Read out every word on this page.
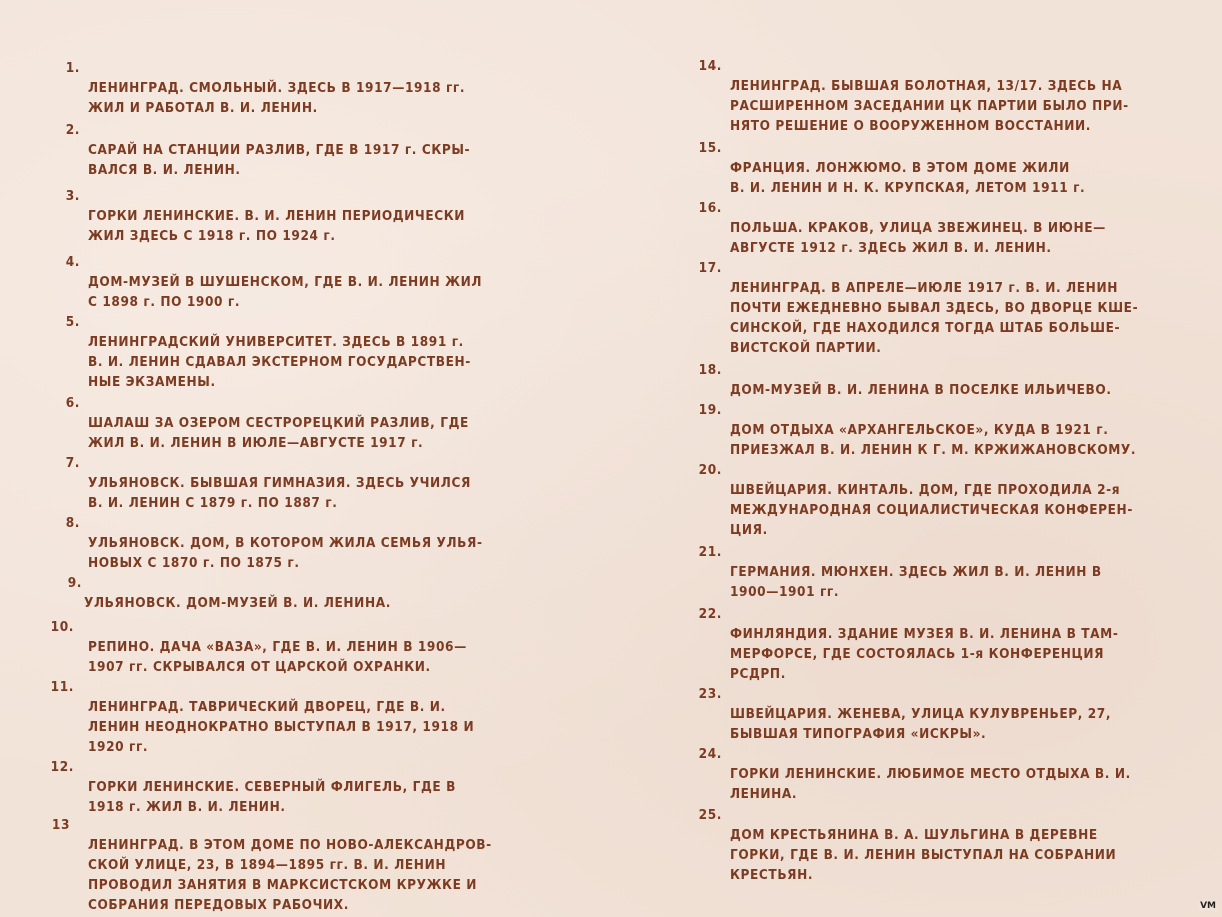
1.

ЛЕНИНГРАД. СМОЛЬНЫЙ. ЗДЕСЬ В 1917—1918 гг.
ЖИЛ И РАБОТАЛ В. И. ЛЕНИН.

2.

САРАЙ НА СТАНЦИИ РАЗЛИВ, ГДЕ В 1917 г. СКРЫ-
ВАЛСЯ В. И. ЛЕНИН.

3.

ГОРКИ ЛЕНИНСКИЕ. В. И. ЛЕНИН ПЕРИОДИЧЕСКИ
ЖИЛ ЗДЕСЬ С 1918 г. ПО 1924 г.

4.

ДОМ-МУЗЕЙ В ШУШЕНСКОМ, ГДЕ В. И. ЛЕНИН ЖИЛ
С 1898 г. ПО 1900 г.

5.

ЛЕНИНГРАДСКИЙ УНИВЕРСИТЕТ. ЗДЕСЬ В 1891 г.
В. И. ЛЕНИН СДАВАЛ ЭКСТЕРНОМ ГОСУДАРСТВЕН-
НЫЕ ЭКЗАМЕНЫ.

6.

ШАЛАШ ЗА ОЗЕРОМ СЕСТРОРЕЦКИЙ РАЗЛИВ, ГДЕ
ЖИЛ В. И. ЛЕНИН В ИЮЛЕ—АВГУСТЕ 1917 г.

7.

УЛЬЯНОВСК. БЫВШАЯ ГИМНАЗИЯ. ЗДЕСЬ УЧИЛСЯ
В. И. ЛЕНИН С 1879 г. ПО 1887 г.

8.

УЛЬЯНОВСК. ДОМ, В КОТОРОМ ЖИЛА СЕМЬЯ УЛЬЯ-
НОВЫХ С 1870 г. ПО 1875 г.

9.

УЛЬЯНОВСК. ДОМ-МУЗЕЙ В. И. ЛЕНИНА.

10.

РЕПИНО. ДАЧА «ВАЗА», ГДЕ В. И. ЛЕНИН В 1906—
1907 гг. СКРЫВАЛСЯ ОТ ЦАРСКОЙ ОХРАНКИ.

11.

ЛЕНИНГРАД. ТАВРИЧЕСКИЙ ДВОРЕЦ, ГДЕ В. И.
ЛЕНИН НЕОДНОКРАТНО ВЫСТУПАЛ В 1917, 1918 И
1920 гг.

12.

ГОРКИ ЛЕНИНСКИЕ. СЕВЕРНЫЙ ФЛИГЕЛЬ, ГДЕ В
1918 г. ЖИЛ В. И. ЛЕНИН.

13

ЛЕНИНГРАД. В ЭТОМ ДОМЕ ПО НОВО-АЛЕКСАНДРОВ-
СКОЙ УЛИЦЕ, 23, В 1894—1895 гг. В. И. ЛЕНИН
ПРОВОДИЛ ЗАНЯТИЯ В МАРКСИСТСКОМ КРУЖКЕ И
СОБРАНИЯ ПЕРЕДОВЫХ РАБОЧИХ.

14.

ЛЕНИНГРАД. БЫВШАЯ БОЛОТНАЯ, 13/17. ЗДЕСЬ НА
РАСШИРЕННОМ ЗАСЕДАНИИ ЦК ПАРТИИ БЫЛО ПРИ-
НЯТО РЕШЕНИЕ О ВООРУЖЕННОМ ВОССТАНИИ.

15.

ФРАНЦИЯ. ЛОНЖЮМО. В ЭТОМ ДОМЕ ЖИЛИ
В. И. ЛЕНИН И Н. К. КРУПСКАЯ, ЛЕТОМ 1911 г.

16.

ПОЛЬША. КРАКОВ, УЛИЦА ЗВЕЖИНЕЦ. В ИЮНЕ—
АВГУСТЕ 1912 г. ЗДЕСЬ ЖИЛ В. И. ЛЕНИН.

17.

ЛЕНИНГРАД. В АПРЕЛЕ—ИЮЛЕ 1917 г. В. И. ЛЕНИН
ПОЧТИ ЕЖЕДНЕВНО БЫВАЛ ЗДЕСЬ, ВО ДВОРЦЕ КШЕ-
СИНСКОЙ, ГДЕ НАХОДИЛСЯ ТОГДА ШТАБ БОЛЬШЕ-
ВИСТСКОЙ ПАРТИИ.

18.

ДОМ-МУЗЕЙ В. И. ЛЕНИНА В ПОСЕЛКЕ ИЛЬИЧЕВО.

19.

ДОМ ОТДЫХА «АРХАНГЕЛЬСКОЕ», КУДА В 1921 г.
ПРИЕЗЖАЛ В. И. ЛЕНИН К Г. М. КРЖИЖАНОВСКОМУ.

20.

ШВЕЙЦАРИЯ. КИНТАЛЬ. ДОМ, ГДЕ ПРОХОДИЛА 2-я
МЕЖДУНАРОДНАЯ СОЦИАЛИСТИЧЕСКАЯ КОНФЕРЕН-
ЦИЯ.

21.

ГЕРМАНИЯ. МЮНХЕН. ЗДЕСЬ ЖИЛ В. И. ЛЕНИН В
1900—1901 гг.

22.

ФИНЛЯНДИЯ. ЗДАНИЕ МУЗЕЯ В. И. ЛЕНИНА В ТАМ-
МЕРФОРСЕ, ГДЕ СОСТОЯЛАСЬ 1-я КОНФЕРЕНЦИЯ
РСДРП.

23.

ШВЕЙЦАРИЯ. ЖЕНЕВА, УЛИЦА КУЛУВРЕНЬЕР, 27,
БЫВШАЯ ТИПОГРАФИЯ «ИСКРЫ».

24.

ГОРКИ ЛЕНИНСКИЕ. ЛЮБИМОЕ МЕСТО ОТДЫХА В. И.
ЛЕНИНА.

25.

ДОМ КРЕСТЬЯНИНА В. А. ШУЛЬГИНА В ДЕРЕВНЕ
ГОРКИ, ГДЕ В. И. ЛЕНИН ВЫСТУПАЛ НА СОБРАНИИ
КРЕСТЬЯН.

VM
